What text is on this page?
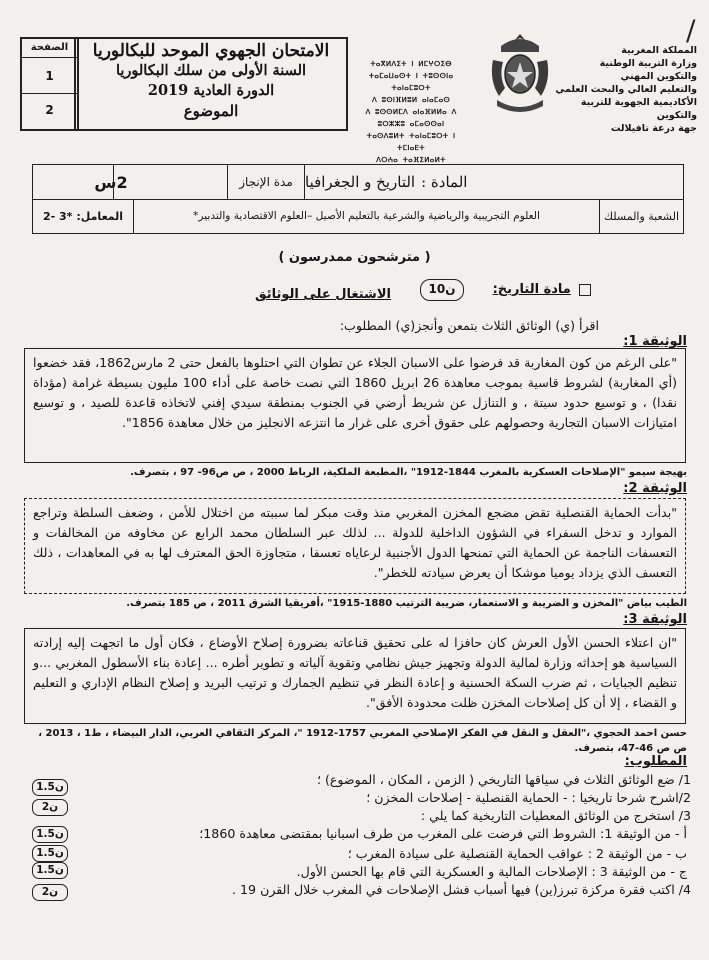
المملكة المغربية
وزارة التربية الوطنية
والتكوين المهني
والتعليم العالي والبحث العلمي
الأكاديمية الجهوية للتربية والتكوين
جهة درعة تافيلالت
ⵜⴰⴳⵍⴷⵉⵜ ⵏ ⵍⵎⵖⵔⵉⴱ
ⵜⴰⵎⴰⵡⴰⵙⵜ ⵏ ⵜⵓⵙⵙⵏⴰ ⵜⴰⵏⴰⵎⵓⵔⵜ
ⴷ ⵓⵙⵏⴼⵍⵓⵍ ⴰⵏⴰⵎⴰⵙ
ⴷ ⵓⵙⵙⵍⵎⴷ ⴰⵏⴰⴼⵍⵍⴰ ⴷ ⵓⵔⵣⵣⵓ ⴰⵎⴰⵙⵙⴰⵏ
ⵜⴰⵙⴷⵓⵍⵜ ⵜⴰⵏⴰⵎⵓⵔⵜ ⵏ ⵜⵎⵏⴰⴹⵜ
ⴷⵔⵄⴰ ⵜⴰⴼⵉⵍⴰⵍⵜ
الامتحان الجهوي الموحد للبكالوريا
السنة الأولى من سلك البكالوريا
الدورة العادية 2019
الموضوع
الصفحة
1
2
المادة :
التاريخ و الجغرافيا
مدة الإنجاز
2س
الشعبة والمسلك
العلوم التجريبية والرياضية والشرعية بالتعليم الأصيل –العلوم الاقتصادية والتدبير*
المعامل:
2- 3*
( مترشحون ممدرسون )
مادة التاريخ:
10ن
الاشتغال على الوثائق
اقرأ (ي) الوثائق الثلاث بتمعن وأنجز(ي) المطلوب:
الوثيقة 1:
"على الرغم من كون المغاربة قد فرضوا على الاسبان الجلاء عن تطوان التي احتلوها بالفعل حتى 2 مارس1862، فقد خضعوا (أي المغاربة) لشروط قاسية بموجب معاهدة 26 ابريل 1860 التي نصت خاصة على أداء 100 مليون بسيطة غرامة (مؤداة نقدا) ، و توسيع حدود سبتة ، و التنازل عن شريط أرضي في الجنوب بمنطقة سيدي إفني لاتخاذه قاعدة للصيد ، و توسيع امتيازات الاسبان التجارية وحصولهم على حقوق أخرى على غرار ما انتزعه الانجليز من خلال معاهدة 1856".
بهيجة سيمو "الإصلاحات العسكرية بالمغرب 1844-1912" ،المطبعة الملكية، الرباط 2000 ، ص ص96- 97 ، بتصرف.
الوثيقة 2:
"بدأت الحماية القنصلية تقض مضجع المخزن المغربي منذ وقت مبكر لما سببته من اختلال للأمن ، وضعف السلطة وتراجع الموارد و تدخل السفراء في الشؤون الداخلية للدولة ... لذلك عبر السلطان محمد الرابع عن مخاوفه من المخالفات و التعسفات الناجمة عن الحماية التي تمنحها الدول الأجنبية لرعاياه تعسفا ، متجاوزة الحق المعترف لها به في المعاهدات ، ذلك التعسف الذي يزداد يوميا موشكا أن يعرض سيادته للخطر".
الطيب بياض "المخزن و الضريبة و الاستعمار، ضريبة الترتيب 1880-1915" ،أفريقيا الشرق 2011 ، ص 185 بتصرف.
الوثيقة 3:
"ان اعتلاء الحسن الأول العرش كان حافزا له على تحقيق قناعاته بضرورة إصلاح الأوضاع ، فكان أول ما اتجهت إليه إرادته السياسية هو إحداثه وزارة لمالية الدولة وتجهيز جيش نظامي وتقوية آلياته و تطوير أطره ... إعادة بناء الأسطول المغربي ...و تنظيم الجبايات ، ثم ضرب السكة الحسنية و إعادة النظر في تنظيم الجمارك و ترتيب البريد و إصلاح النظام الإداري و التعليم و القضاء ، إلا أن كل إصلاحات المخزن ظلت محدودة الأفق".
حسن احمد الحجوي ،"العقل و النقل في الفكر الإصلاحي المغربي 1757-1912 "، المركز الثقافي العربي، الدار البيضاء ، ط1 ، 2013 ، ص ص 46-47، بتصرف.
المطلوب:
1/ ضع الوثائق الثلاث في سياقها التاريخي ( الزمن ، المكان ، الموضوع) ؛
1.5ن
2/اشرح شرحا تاريخيا : - الحماية القنصلية - إصلاحات المخزن ؛
2ن
3/ استخرج من الوثائق المعطيات التاريخية كما يلي :
أ - من الوثيقة 1: الشروط التي فرضت على المغرب من طرف اسبانيا بمقتضى معاهدة 1860؛
1.5ن
ب - من الوثيقة 2 : عواقب الحماية القنصلية على سيادة المغرب ؛
1.5ن
ج - من الوثيقة 3 : الإصلاحات المالية و العسكرية التي قام بها الحسن الأول.
1.5ن
4/ اكتب فقرة مركزة تبرز(ين) فيها أسباب فشل الإصلاحات في المغرب خلال القرن 19 .
2ن
/
